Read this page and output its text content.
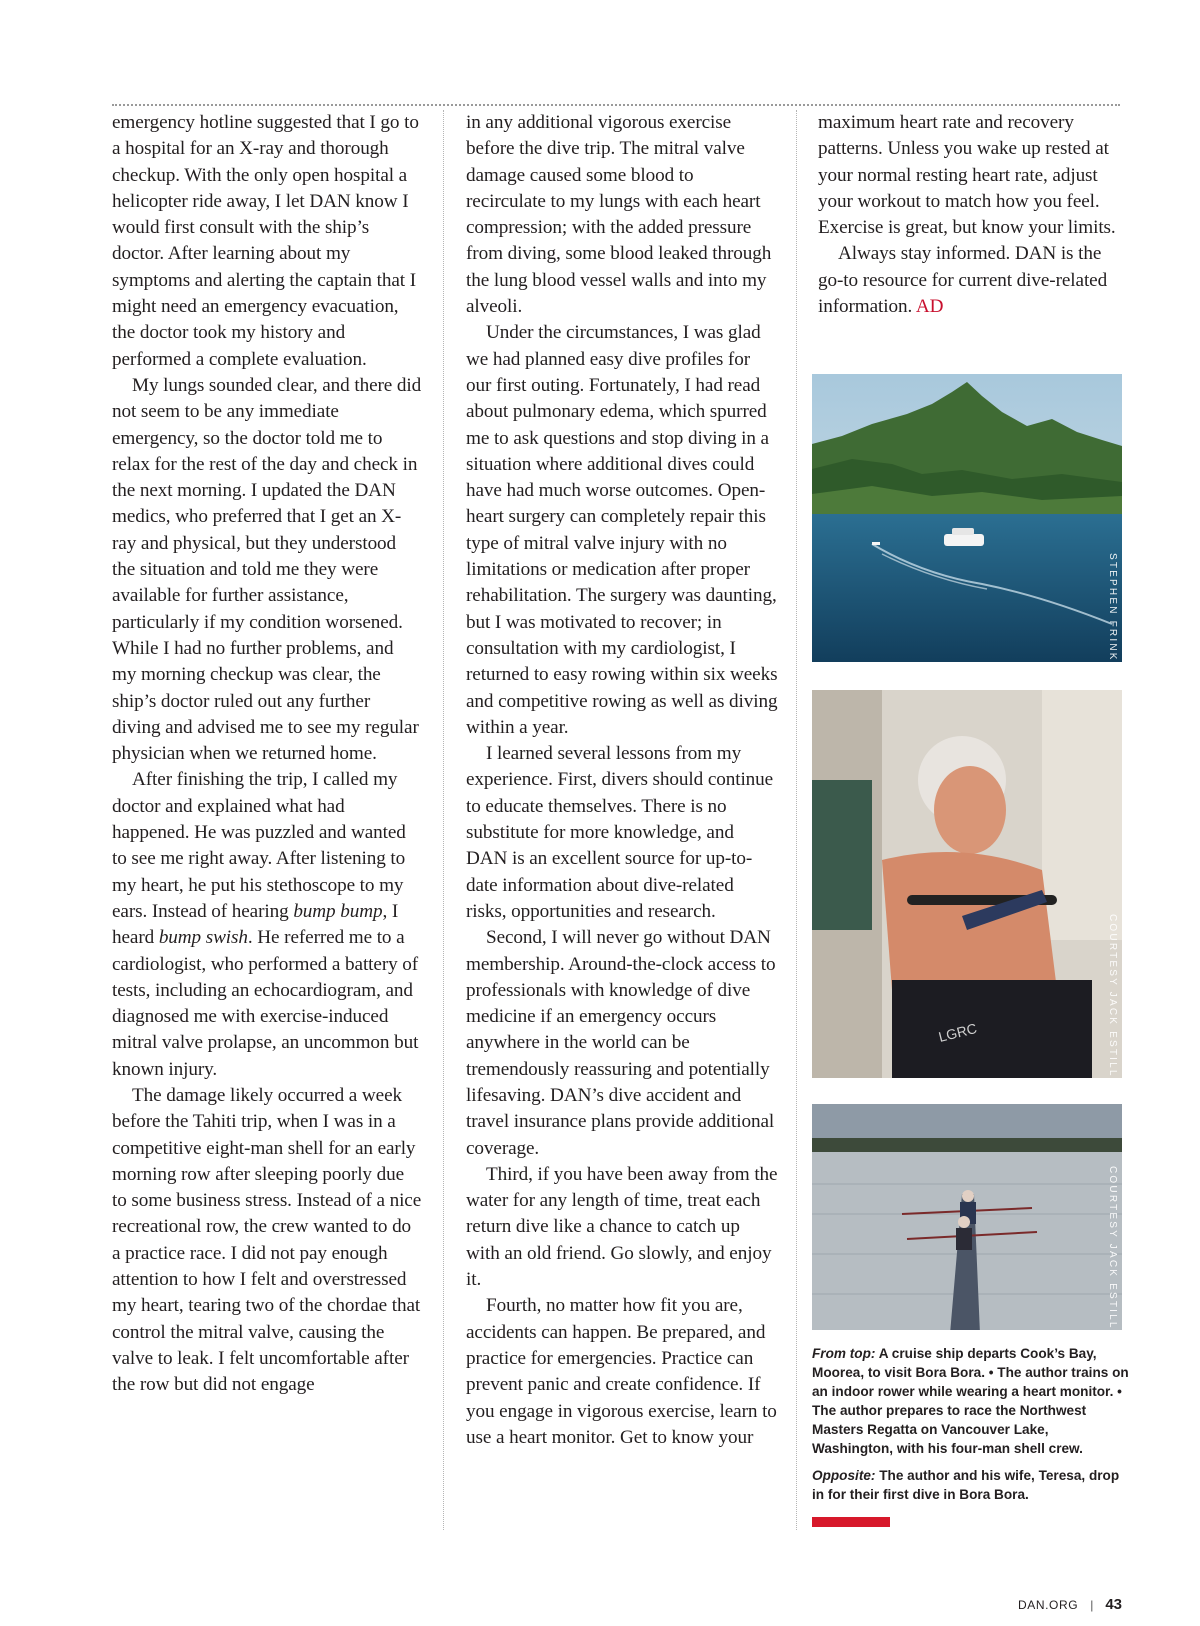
emergency hotline suggested that I go to a hospital for an X-ray and thorough checkup. With the only open hospital a helicopter ride away, I let DAN know I would first consult with the ship’s doctor. After learning about my symptoms and alerting the captain that I might need an emergency evacuation, the doctor took my history and performed a complete evaluation.

My lungs sounded clear, and there did not seem to be any immediate emergency, so the doctor told me to relax for the rest of the day and check in the next morning. I updated the DAN medics, who preferred that I get an X-ray and physical, but they understood the situation and told me they were available for further assistance, particularly if my condition worsened. While I had no further problems, and my morning checkup was clear, the ship’s doctor ruled out any further diving and advised me to see my regular physician when we returned home.

After finishing the trip, I called my doctor and explained what had happened. He was puzzled and wanted to see me right away. After listening to my heart, he put his stethoscope to my ears. Instead of hearing bump bump, I heard bump swish. He referred me to a cardiologist, who performed a battery of tests, including an echocardiogram, and diagnosed me with exercise-induced mitral valve prolapse, an uncommon but known injury.

The damage likely occurred a week before the Tahiti trip, when I was in a competitive eight-man shell for an early morning row after sleeping poorly due to some business stress. Instead of a nice recreational row, the crew wanted to do a practice race. I did not pay enough attention to how I felt and overstressed my heart, tearing two of the chordae that control the mitral valve, causing the valve to leak. I felt uncomfortable after the row but did not engage

in any additional vigorous exercise before the dive trip. The mitral valve damage caused some blood to recirculate to my lungs with each heart compression; with the added pressure from diving, some blood leaked through the lung blood vessel walls and into my alveoli.

Under the circumstances, I was glad we had planned easy dive profiles for our first outing. Fortunately, I had read about pulmonary edema, which spurred me to ask questions and stop diving in a situation where additional dives could have had much worse outcomes. Open-heart surgery can completely repair this type of mitral valve injury with no limitations or medication after proper rehabilitation. The surgery was daunting, but I was motivated to recover; in consultation with my cardiologist, I returned to easy rowing within six weeks and competitive rowing as well as diving within a year.

I learned several lessons from my experience. First, divers should continue to educate themselves. There is no substitute for more knowledge, and DAN is an excellent source for up-to-date information about dive-related risks, opportunities and research.

Second, I will never go without DAN membership. Around-the-clock access to professionals with knowledge of dive medicine if an emergency occurs anywhere in the world can be tremendously reassuring and potentially lifesaving. DAN’s dive accident and travel insurance plans provide additional coverage.

Third, if you have been away from the water for any length of time, treat each return dive like a chance to catch up with an old friend. Go slowly, and enjoy it.

Fourth, no matter how fit you are, accidents can happen. Be prepared, and practice for emergencies. Practice can prevent panic and create confidence. If you engage in vigorous exercise, learn to use a heart monitor. Get to know your

maximum heart rate and recovery patterns. Unless you wake up rested at your normal resting heart rate, adjust your workout to match how you feel. Exercise is great, but know your limits.

Always stay informed. DAN is the go-to resource for current dive-related information. AD

STEPHEN FRINK
LGRC	COURTESY JACK ESTILL
COURTESY JACK ESTILL

From top: A cruise ship departs Cook’s Bay, Moorea, to visit Bora Bora. • The author trains on an indoor rower while wearing a heart monitor. • The author prepares to race the Northwest Masters Regatta on Vancouver Lake, Washington, with his four-man shell crew.

Opposite: The author and his wife, Teresa, drop in for their first dive in Bora Bora.

DAN.ORG | 43
